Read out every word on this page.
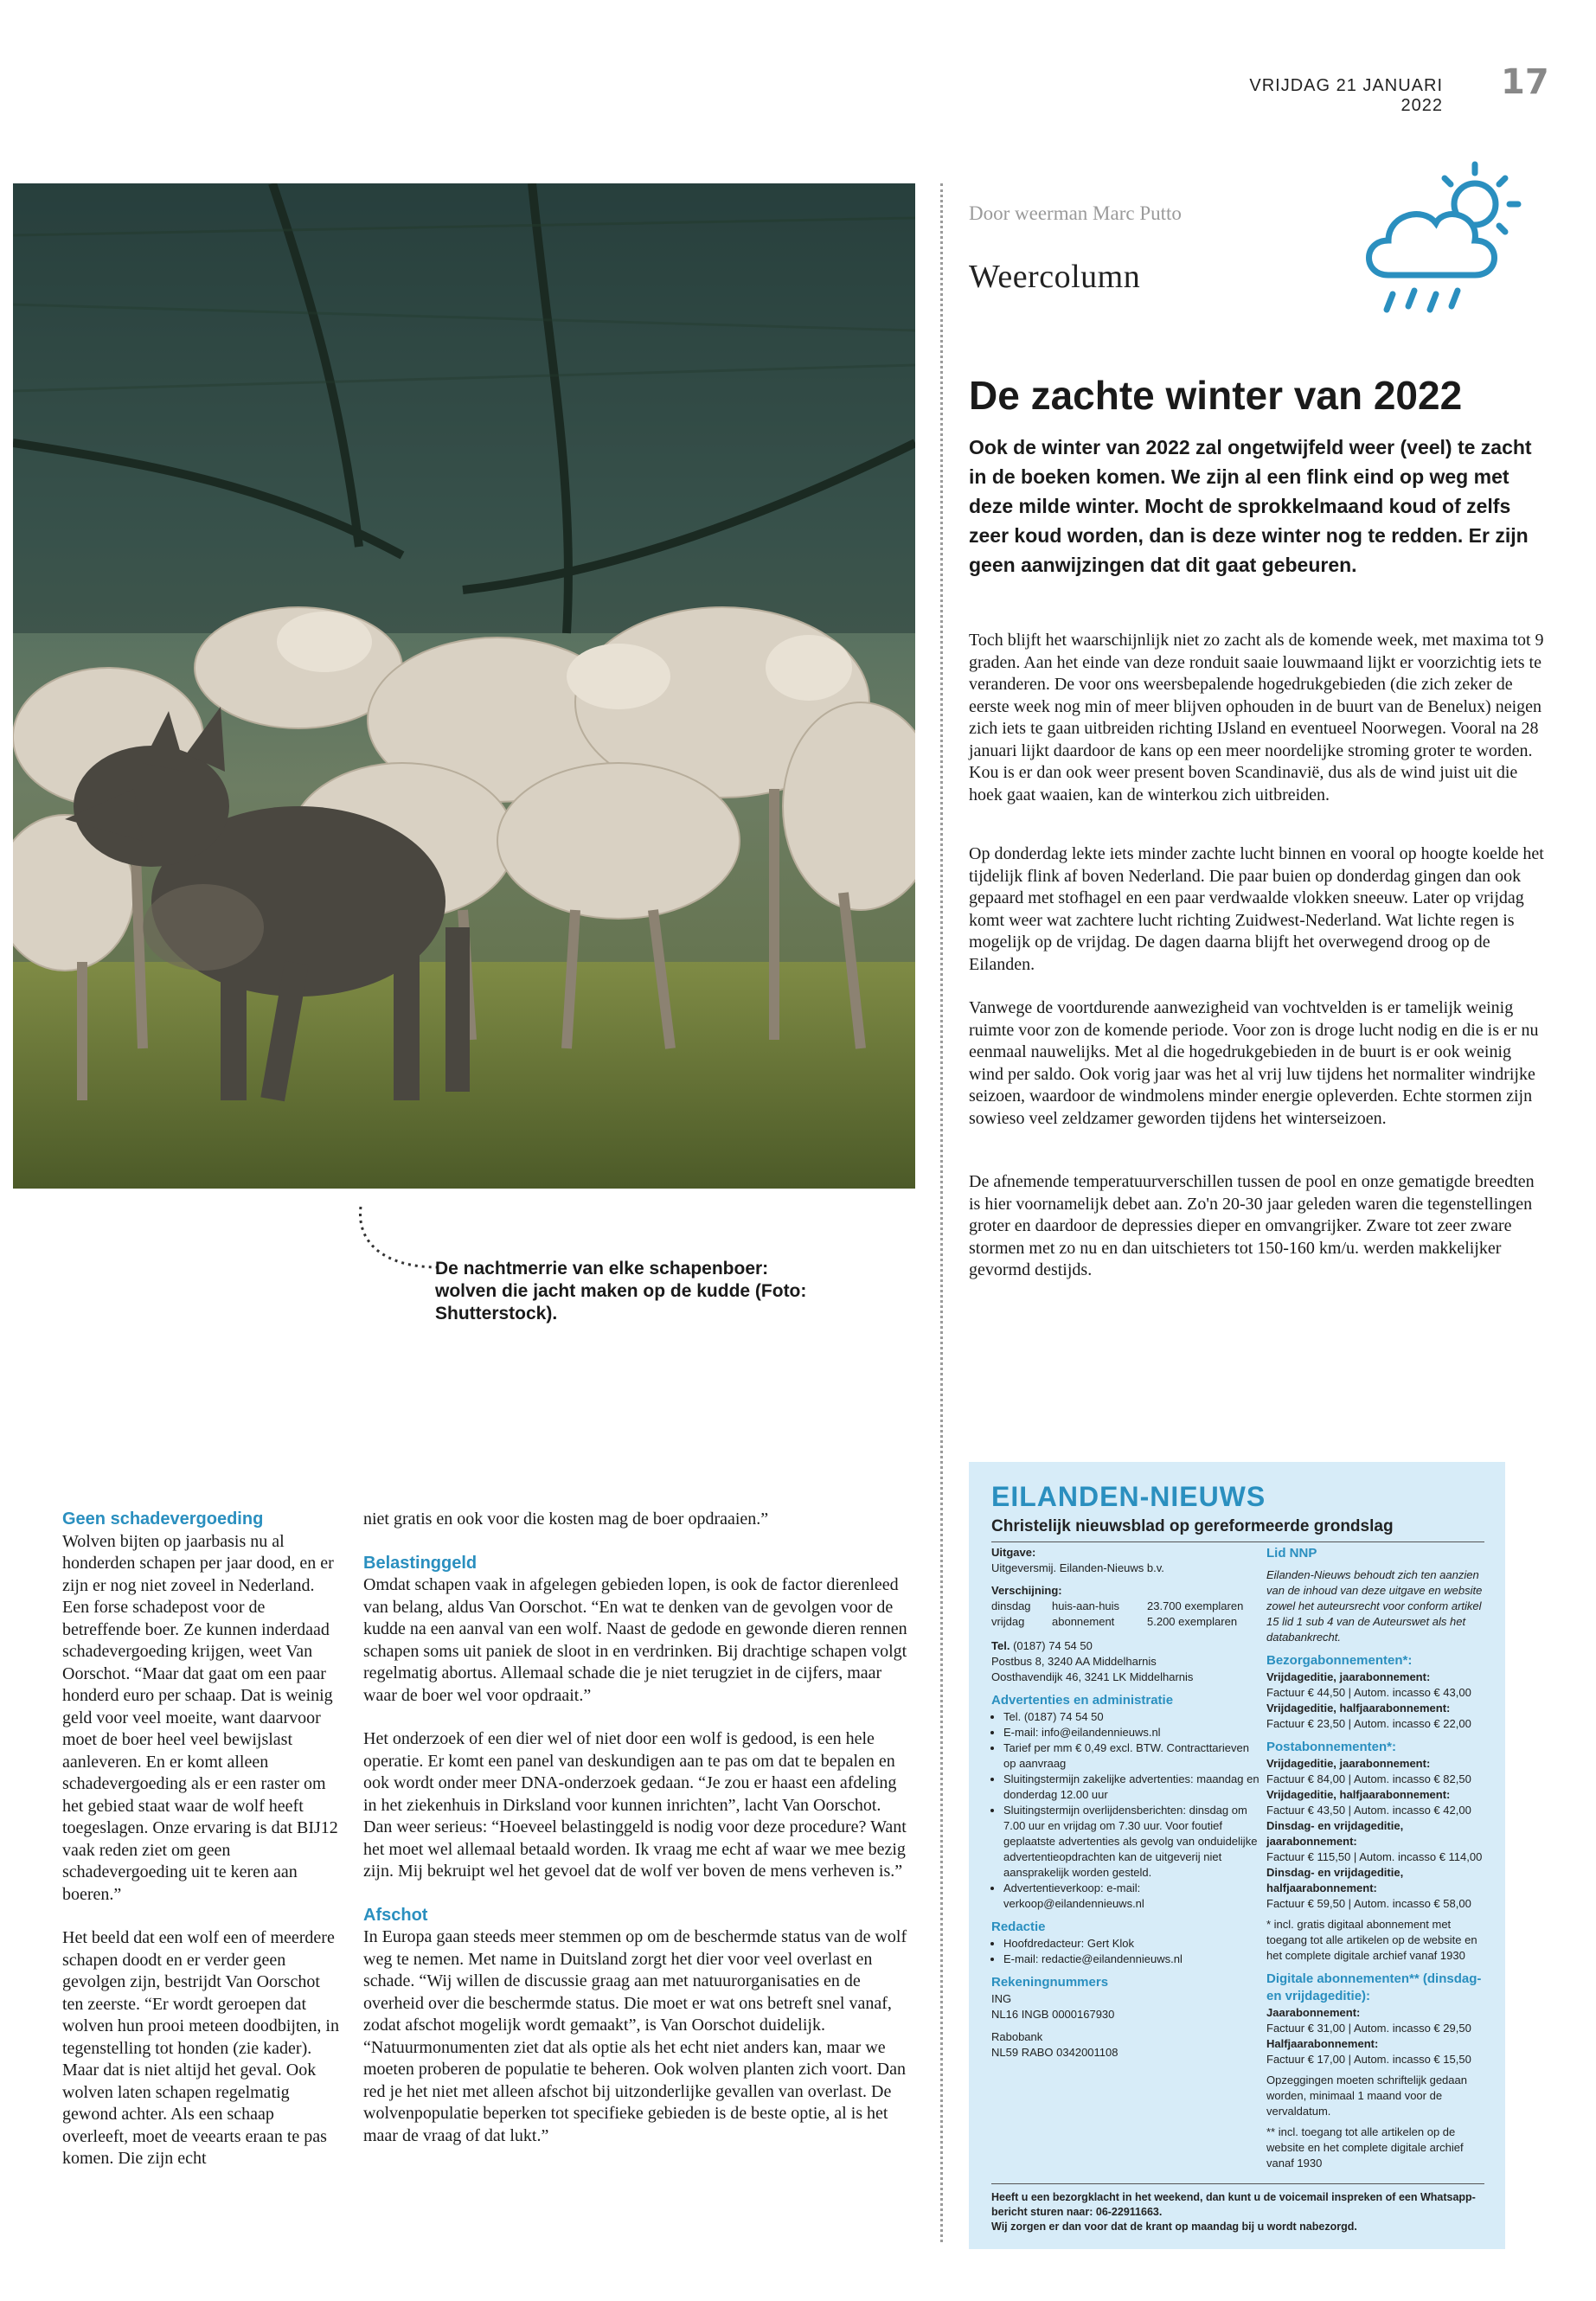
VRIJDAG 21 JANUARI 2022
17
De nachtmerrie van elke schapenboer: wolven die jacht maken op de kudde (Foto: Shutterstock).
Door weerman Marc Putto
Weercolumn
De zachte winter van 2022
Ook de winter van 2022 zal ongetwijfeld weer (veel) te zacht in de boeken komen. We zijn al een flink eind op weg met deze milde winter. Mocht de sprokkelmaand koud of zelfs zeer koud worden, dan is deze winter nog te redden. Er zijn geen aanwijzingen dat dit gaat gebeuren.

Toch blijft het waarschijnlijk niet zo zacht als de komende week, met maxima tot 9 graden. Aan het einde van deze ronduit saaie louwmaand lijkt er voorzichtig iets te veranderen. De voor ons weersbepalende hogedrukgebieden (die zich zeker de eerste week nog min of meer blijven ophouden in de buurt van de Benelux) neigen zich iets te gaan uitbreiden richting IJsland en eventueel Noorwegen. Vooral na 28 januari lijkt daardoor de kans op een meer noordelijke stroming groter te worden. Kou is er dan ook weer present boven Scandinavië, dus als de wind juist uit die hoek gaat waaien, kan de winterkou zich uitbreiden.

Op donderdag lekte iets minder zachte lucht binnen en vooral op hoogte koelde het tijdelijk flink af boven Nederland. Die paar buien op donderdag gingen dan ook gepaard met stofhagel en een paar verdwaalde vlokken sneeuw. Later op vrijdag komt weer wat zachtere lucht richting Zuidwest-Nederland. Wat lichte regen is mogelijk op de vrijdag. De dagen daarna blijft het overwegend droog op de Eilanden.

Vanwege de voortdurende aanwezigheid van vochtvelden is er tamelijk weinig ruimte voor zon de komende periode. Voor zon is droge lucht nodig en die is er nu eenmaal nauwelijks. Met al die hogedrukgebieden in de buurt is er ook weinig wind per saldo. Ook vorig jaar was het al vrij luw tijdens het normaliter windrijke seizoen, waardoor de windmolens minder energie opleverden. Echte stormen zijn sowieso veel zeldzamer geworden tijdens het winterseizoen.

De afnemende temperatuurverschillen tussen de pool en onze gematigde breedten is hier voornamelijk debet aan. Zo'n 20-30 jaar geleden waren die tegenstellingen groter en daardoor de depressies dieper en omvangrijker. Zware tot zeer zware stormen met zo nu en dan uitschieters tot 150-160 km/u. werden makkelijker gevormd destijds.

Geen schadevergoeding

Wolven bijten op jaarbasis nu al honderden schapen per jaar dood, en er zijn er nog niet zoveel in Nederland. Een forse schadepost voor de betreffende boer. Ze kunnen inderdaad schadevergoeding krijgen, weet Van Oorschot. “Maar dat gaat om een paar honderd euro per schaap. Dat is weinig geld voor veel moeite, want daarvoor moet de boer heel veel bewijslast aanleveren. En er komt alleen schadevergoeding als er een raster om het gebied staat waar de wolf heeft toegeslagen. Onze ervaring is dat BIJ12 vaak reden ziet om geen schadevergoeding uit te keren aan boeren.”

Het beeld dat een wolf een of meerdere schapen doodt en er verder geen gevolgen zijn, bestrijdt Van Oorschot ten zeerste. “Er wordt geroepen dat wolven hun prooi meteen doodbijten, in tegenstelling tot honden (zie kader). Maar dat is niet altijd het geval. Ook wolven laten schapen regelmatig gewond achter. Als een schaap overleeft, moet de veearts eraan te pas komen. Die zijn echt

niet gratis en ook voor die kosten mag de boer opdraaien.”

Belastinggeld

Omdat schapen vaak in afgelegen gebieden lopen, is ook de factor dierenleed van belang, aldus Van Oorschot. “En wat te denken van de gevolgen voor de kudde na een aanval van een wolf. Naast de gedode en gewonde dieren rennen schapen soms uit paniek de sloot in en verdrinken. Bij drachtige schapen volgt regelmatig abortus. Allemaal schade die je niet terugziet in de cijfers, maar waar de boer wel voor opdraait.”

Het onderzoek of een dier wel of niet door een wolf is gedood, is een hele operatie. Er komt een panel van deskundigen aan te pas om dat te bepalen en ook wordt onder meer DNA-onderzoek gedaan. “Je zou er haast een afdeling in het ziekenhuis in Dirksland voor kunnen inrichten”, lacht Van Oorschot. Dan weer serieus: “Hoeveel belastinggeld is nodig voor deze procedure? Want het moet wel allemaal betaald worden. Ik vraag me echt af waar we mee bezig zijn. Mij bekruipt wel het gevoel dat de wolf ver boven de mens verheven is.”

Afschot

In Europa gaan steeds meer stemmen op om de beschermde status van de wolf weg te nemen. Met name in Duitsland zorgt het dier voor veel overlast en schade. “Wij willen de discussie graag aan met natuurorganisaties en de overheid over die beschermde status. Die moet er wat ons betreft snel vanaf, zodat afschot mogelijk wordt gemaakt”, is Van Oorschot duidelijk. “Natuurmonumenten ziet dat als optie als het echt niet anders kan, maar we moeten proberen de populatie te beheren. Ook wolven planten zich voort. Dan red je het niet met alleen afschot bij uitzonderlijke gevallen van overlast. De wolvenpopulatie beperken tot specifieke gebieden is de beste optie, al is het maar de vraag of dat lukt.”

EILANDEN-NIEUWS
Christelijk nieuwsblad op gereformeerde grondslag
Uitgave:
Uitgeversmij. Eilanden-Nieuws b.v.
Verschijning:
dinsdag	huis-aan-huis	23.700 exemplaren
vrijdag	abonnement	5.200 exemplaren
Tel. (0187) 74 54 50
Postbus 8, 3240 AA Middelharnis
Oosthavendijk 46, 3241 LK Middelharnis
Advertenties en administratie
• Tel. (0187) 74 54 50
• E-mail: info@eilandennieuws.nl
• Tarief per mm € 0,49 excl. BTW. Contracttarieven op aanvraag
• Sluitingstermijn zakelijke advertenties: maandag en donderdag 12.00 uur
• Sluitingstermijn overlijdensberichten: dinsdag om 7.00 uur en vrijdag om 7.30 uur. Voor foutief geplaatste advertenties als gevolg van onduidelijke advertentieopdrachten kan de uitgeverij niet aansprakelijk worden gesteld.
• Advertentieverkoop: e-mail: verkoop@eilandennieuws.nl
Redactie
• Hoofdredacteur: Gert Klok
• E-mail: redactie@eilandennieuws.nl
Rekeningnummers
ING
NL16 INGB 0000167930
Rabobank
NL59 RABO 0342001108
Lid NNP
Eilanden-Nieuws behoudt zich ten aanzien van de inhoud van deze uitgave en website zowel het auteursrecht voor conform artikel 15 lid 1 sub 4 van de Auteurswet als het databankrecht.
Bezorgabonnementen*:
Vrijdageditie, jaarabonnement:
Factuur € 44,50 | Autom. incasso € 43,00
Vrijdageditie, halfjaarabonnement:
Factuur € 23,50 | Autom. incasso € 22,00
Postabonnementen*:
Vrijdageditie, jaarabonnement:
Factuur € 84,00 | Autom. incasso € 82,50
Vrijdageditie, halfjaarabonnement:
Factuur € 43,50 | Autom. incasso € 42,00
Dinsdag- en vrijdageditie, jaarabonnement:
Factuur € 115,50 | Autom. incasso € 114,00
Dinsdag- en vrijdageditie, halfjaarabonnement:
Factuur € 59,50 | Autom. incasso € 58,00
* incl. gratis digitaal abonnement met toegang tot alle artikelen op de website en het complete digitale archief vanaf 1930
Digitale abonnementen** (dinsdag- en vrijdageditie):
Jaarabonnement:
Factuur € 31,00 | Autom. incasso € 29,50
Halfjaarabonnement:
Factuur € 17,00 | Autom. incasso € 15,50
Opzeggingen moeten schriftelijk gedaan worden, minimaal 1 maand voor de vervaldatum.
** incl. toegang tot alle artikelen op de website en het complete digitale archief vanaf 1930
Heeft u een bezorgklacht in het weekend, dan kunt u de voicemail inspreken of een Whatsapp-bericht sturen naar: 06-22911663.
Wij zorgen er dan voor dat de krant op maandag bij u wordt nabezorgd.
